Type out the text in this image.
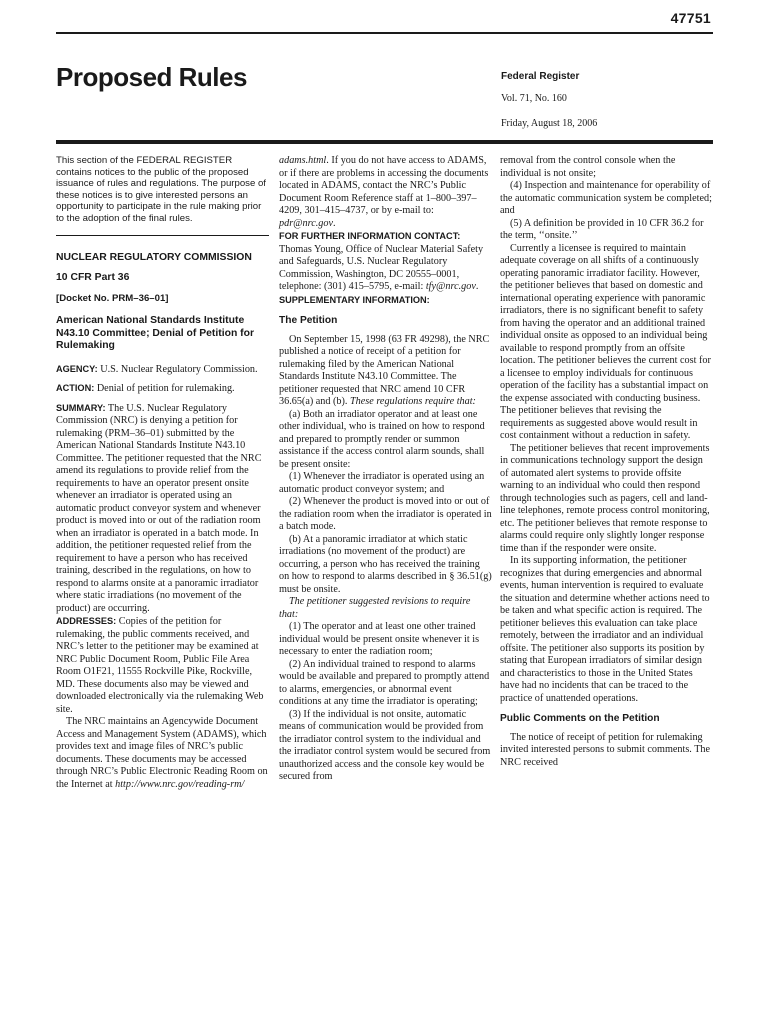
47751
Proposed Rules	Federal Register
Vol. 71, No. 160
Friday, August 18, 2006

This section of the FEDERAL REGISTER contains notices to the public of the proposed issuance of rules and regulations. The purpose of these notices is to give interested persons an opportunity to participate in the rule making prior to the adoption of the final rules.

NUCLEAR REGULATORY COMMISSION

10 CFR Part 36

[Docket No. PRM–36–01]

American National Standards Institute N43.10 Committee; Denial of Petition for Rulemaking

AGENCY: U.S. Nuclear Regulatory Commission.

ACTION: Denial of petition for rulemaking.

SUMMARY: The U.S. Nuclear Regulatory Commission (NRC) is denying a petition for rulemaking (PRM–36–01) submitted by the American National Standards Institute N43.10 Committee. The petitioner requested that the NRC amend its regulations to provide relief from the requirements to have an operator present onsite whenever an irradiator is operated using an automatic product conveyor system and whenever product is moved into or out of the radiation room when an irradiator is operated in a batch mode. In addition, the petitioner requested relief from the requirement to have a person who has received training, described in the regulations, on how to respond to alarms onsite at a panoramic irradiator where static irradiations (no movement of the product) are occurring.

ADDRESSES: Copies of the petition for rulemaking, the public comments received, and NRC’s letter to the petitioner may be examined at NRC Public Document Room, Public File Area Room O1F21, 11555 Rockville Pike, Rockville, MD. These documents also may be viewed and downloaded electronically via the rulemaking Web site.

The NRC maintains an Agencywide Document Access and Management System (ADAMS), which provides text and image files of NRC’s public documents. These documents may be accessed through NRC’s Public Electronic Reading Room on the Internet at http://www.nrc.gov/reading-rm/

adams.html. If you do not have access to ADAMS, or if there are problems in accessing the documents located in ADAMS, contact the NRC’s Public Document Room Reference staff at 1–800–397–4209, 301–415–4737, or by e-mail to: pdr@nrc.gov.

FOR FURTHER INFORMATION CONTACT:
Thomas Young, Office of Nuclear Material Safety and Safeguards, U.S. Nuclear Regulatory Commission, Washington, DC 20555–0001, telephone: (301) 415–5795, e-mail: tfy@nrc.gov.

SUPPLEMENTARY INFORMATION:

The Petition

On September 15, 1998 (63 FR 49298), the NRC published a notice of receipt of a petition for rulemaking filed by the American National Standards Institute N43.10 Committee. The petitioner requested that NRC amend 10 CFR 36.65(a) and (b). These regulations require that:

(a) Both an irradiator operator and at least one other individual, who is trained on how to respond and prepared to promptly render or summon assistance if the access control alarm sounds, shall be present onsite:

(1) Whenever the irradiator is operated using an automatic product conveyor system; and

(2) Whenever the product is moved into or out of the radiation room when the irradiator is operated in a batch mode.

(b) At a panoramic irradiator at which static irradiations (no movement of the product) are occurring, a person who has received the training on how to respond to alarms described in § 36.51(g) must be onsite.

The petitioner suggested revisions to require that:

(1) The operator and at least one other trained individual would be present onsite whenever it is necessary to enter the radiation room;

(2) An individual trained to respond to alarms would be available and prepared to promptly attend to alarms, emergencies, or abnormal event conditions at any time the irradiator is operating;

(3) If the individual is not onsite, automatic means of communication would be provided from the irradiator control system to the individual and the irradiator control system would be secured from unauthorized access and the console key would be secured from

removal from the control console when the individual is not onsite;

(4) Inspection and maintenance for operability of the automatic communication system be completed; and

(5) A definition be provided in 10 CFR 36.2 for the term, ‘‘onsite.’’

Currently a licensee is required to maintain adequate coverage on all shifts of a continuously operating panoramic irradiator facility. However, the petitioner believes that based on domestic and international operating experience with panoramic irradiators, there is no significant benefit to safety from having the operator and an additional trained individual onsite as opposed to an individual being available to respond promptly from an offsite location. The petitioner believes the current cost for a licensee to employ individuals for continuous operation of the facility has a substantial impact on the expense associated with conducting business. The petitioner believes that revising the requirements as suggested above would result in cost containment without a reduction in safety.

The petitioner believes that recent improvements in communications technology support the design of automated alert systems to provide offsite warning to an individual who could then respond through technologies such as pagers, cell and land-line telephones, remote process control monitoring, etc. The petitioner believes that remote response to alarms could require only slightly longer response time than if the responder were onsite.

In its supporting information, the petitioner recognizes that during emergencies and abnormal events, human intervention is required to evaluate the situation and determine whether actions need to be taken and what specific action is required. The petitioner believes this evaluation can take place remotely, between the irradiator and an individual offsite. The petitioner also supports its position by stating that European irradiators of similar design and characteristics to those in the United States have had no incidents that can be traced to the practice of unattended operations.

Public Comments on the Petition

The notice of receipt of petition for rulemaking invited interested persons to submit comments. The NRC received
